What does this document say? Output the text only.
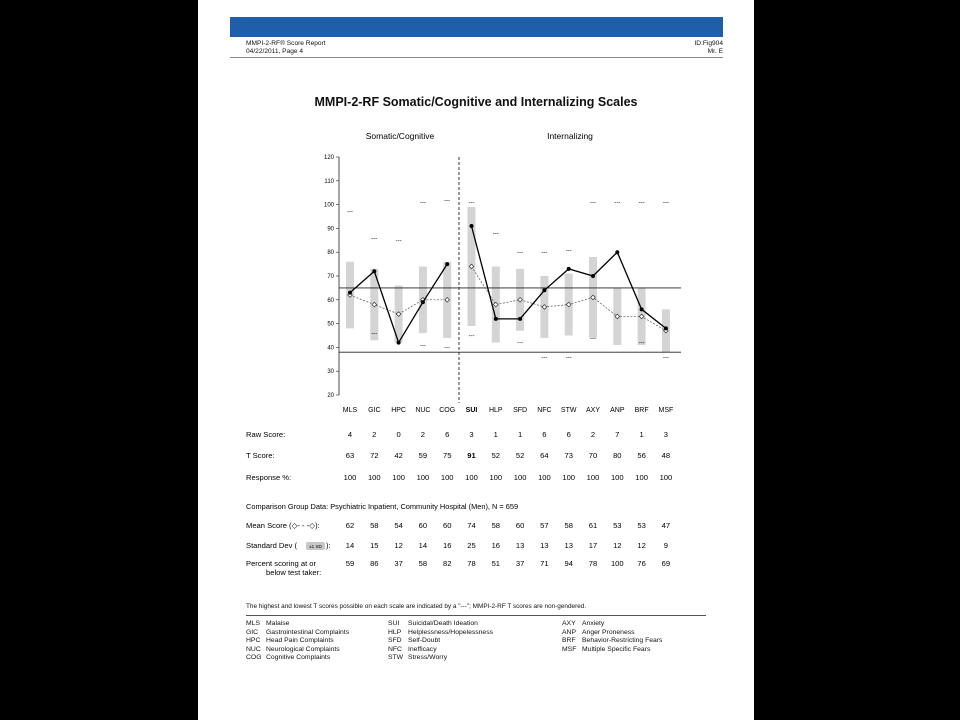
MMPI-2-RF® Score Report
04/22/2011, Page 4
ID:Fig904
Mr. E
MMPI-2-RF Somatic/Cognitive and Internalizing Scales
Somatic/Cognitive	Internalizing
20
30
40
50
60
70
80
90
100
110
120
---
---	---
---	---	---
---
---	---	---
---	---	---	---
---
---	---
---
---
---	---
---
---
---
MLS GIC HPC NUC COG SUI HLP SFD NFC STW AXY ANP BRF MSF
Raw Score:	4	2	0	2	6	3	1	1	6	6	2	7	1	3
T Score:	63 72 42 59 75 91 52 52 64 73 70 80 56 48
Response %:	100 100 100 100 100 100 100 100 100 100 100 100 100 100
Comparison Group Data: Psychiatric Inpatient, Community Hospital (Men), N = 659
Mean Score (◇- - -◇):	62 58 54 60 60 74 58 60 57 58 61 53 53 47
Standard Dev (	±1 SD ): 14 15 12 14 16 25 16 13 13 13 17 12 12 9
Percent scoring at or
below test taker:
59 86 37 58 82 78 51 37 71 94 78 100 76 69
The highest and lowest T scores possible on each scale are indicated by a "---"; MMPI-2-RF T scores are non-gendered.
MLS Malaise
GIC Gastrointestinal Complaints
HPC Head Pain Complaints
NUC Neurological Complaints
COG Cognitive Complaints
SUI Suicidal/Death Ideation
HLP Helplessness/Hopelessness
SFD Self-Doubt
NFC Inefficacy
STW Stress/Worry
AXY Anxiety
ANP Anger Proneness
BRF Behavior-Restricting Fears
MSF Multiple Specific Fears
